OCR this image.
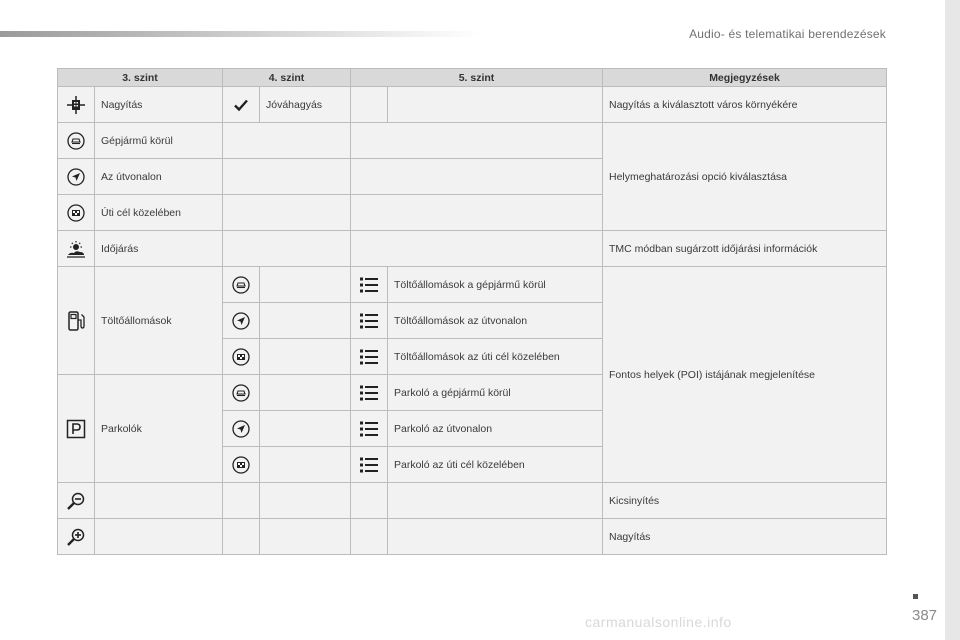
Audio- és telematikai berendezések
3. szint		4. szint		5. szint		Megjegyzések
	Nagyítás		Jóváhagyás			Nagyítás a kiválasztott város környékére
	Gépjármű körül					Helymeghatározási opció kiválasztása
	Az útvonalon					
	Úti cél közelében					
	Időjárás					TMC módban sugárzott időjárási információk
	Töltőállomások				Töltőállomások a gépjármű körül	Fontos helyek (POI) istájának megjelenítése
			Töltőállomások az útvonalon	
			Töltőállomások az úti cél közelében	
	Parkolók				Parkoló a gépjármű körül	
			Parkoló az útvonalon	
			Parkoló az úti cél közelében	
						Kicsinyítés
						Nagyítás
387
carmanualsonline.info
